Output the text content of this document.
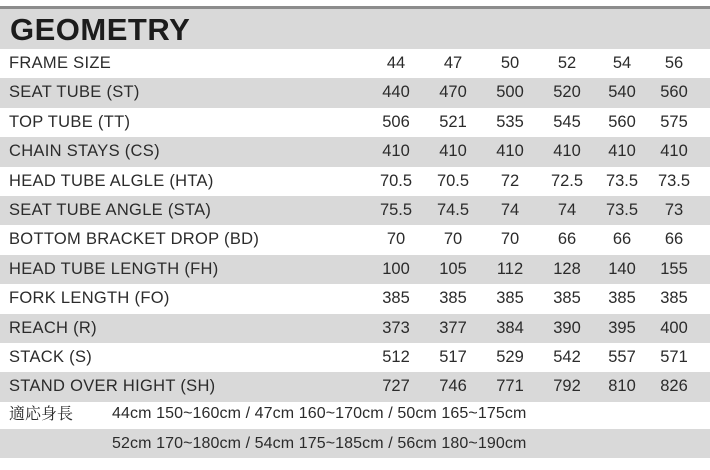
GEOMETRY
FRAME SIZE	44	47	50	52	54	56
SEAT TUBE (ST)	440	470	500	520	540	560
TOP TUBE (TT)	506	521	535	545	560	575
CHAIN STAYS (CS)	410	410	410	410	410	410
HEAD TUBE ALGLE (HTA)	70.5	70.5	72	72.5	73.5	73.5
SEAT TUBE ANGLE (STA)	75.5	74.5	74	74	73.5	73
BOTTOM BRACKET DROP (BD)	70	70	70	66	66	66
HEAD TUBE LENGTH (FH)	100	105	112	128	140	155
FORK LENGTH (FO)	385	385	385	385	385	385
REACH (R)	373	377	384	390	395	400
STACK (S)	512	517	529	542	557	571
STAND OVER HIGHT (SH)	727	746	771	792	810	826
適応身長 44cm 150~160cm / 47cm 160~170cm / 50cm 165~175cm
52cm 170~180cm / 54cm 175~185cm / 56cm 180~190cm
